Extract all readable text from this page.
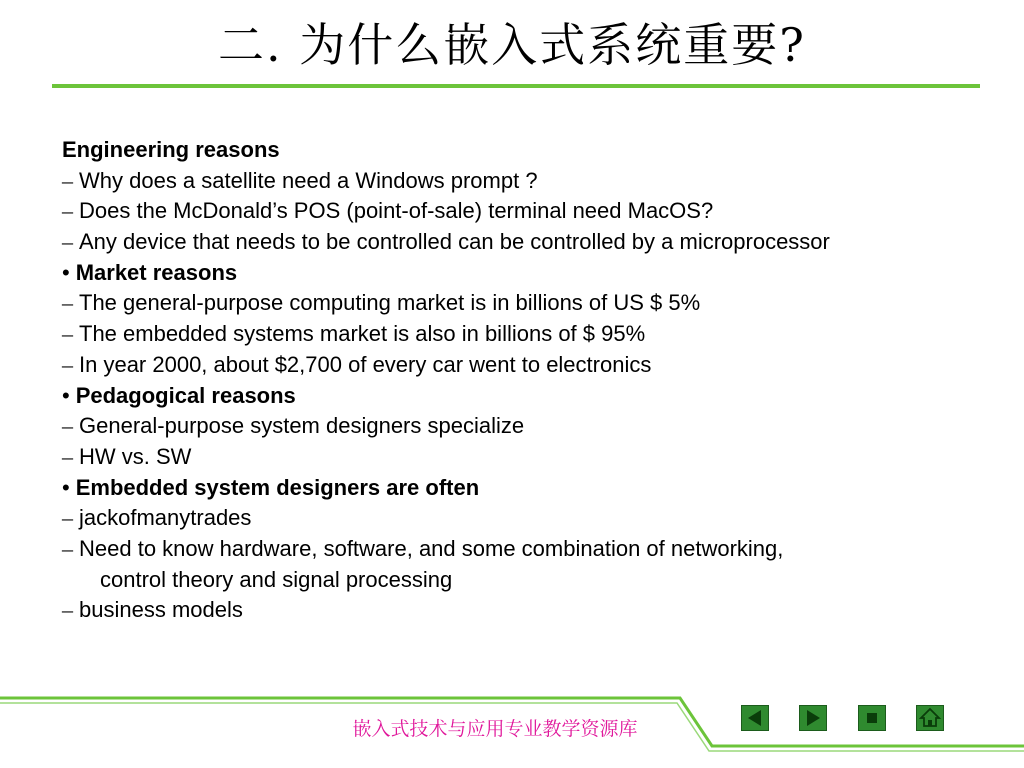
二. 为什么嵌入式系统重要?
Engineering reasons
– Why does a satellite need a Windows prompt ?
– Does the McDonald’s POS (point-of-sale) terminal need MacOS?
– Any device that needs to be controlled can be controlled by a microprocessor
• Market reasons
– The general-purpose computing market is in billions of US $ 5%
– The embedded systems market is also in billions of $ 95%
– In year 2000, about $2,700 of every car went to electronics
• Pedagogical reasons
– General-purpose system designers specialize
– HW vs. SW
• Embedded system designers are often
– jackofmanytrades
– Need to know hardware, software, and some combination of networking,
control theory and signal processing
– business models
嵌入式技术与应用专业教学资源库
